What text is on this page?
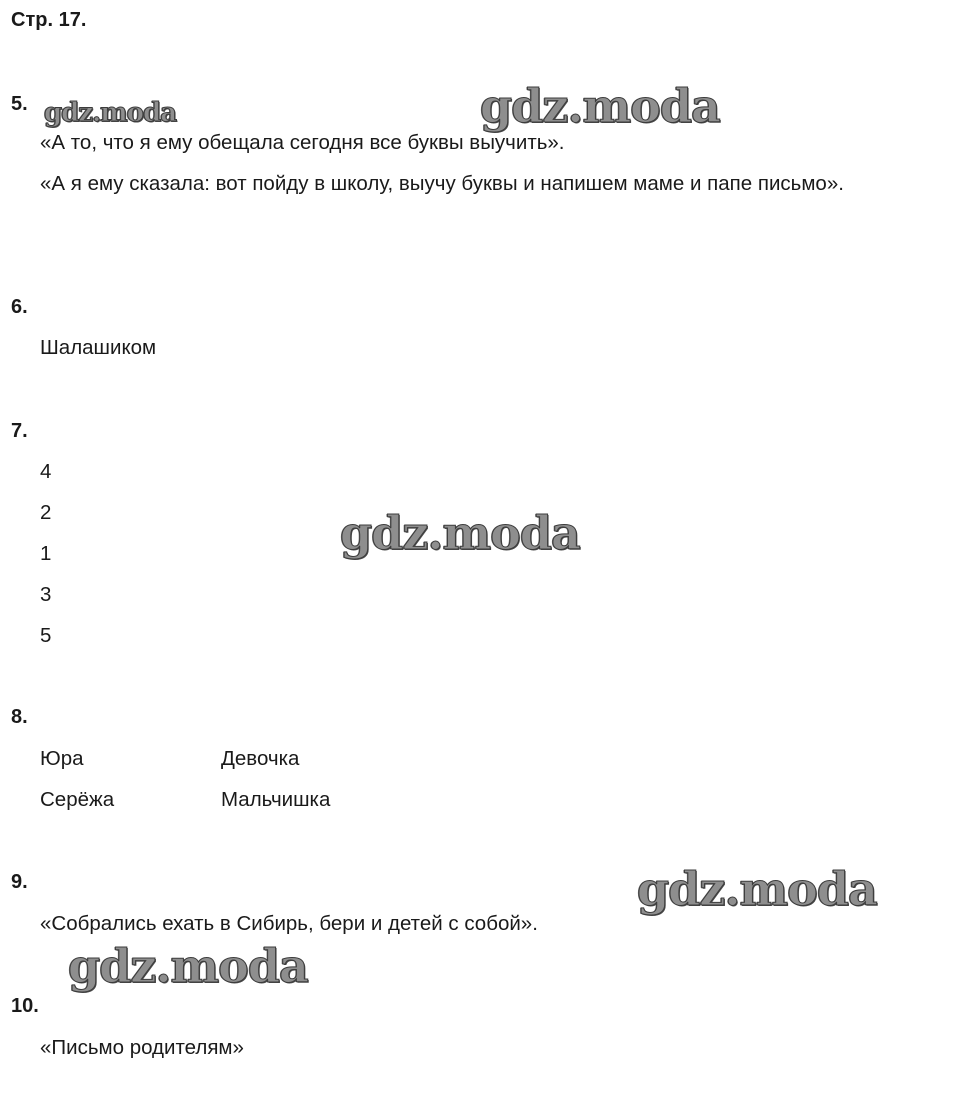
Стр. 17.
gdz.moda	gdz.moda
gdz.moda
gdz.moda
gdz.moda
5.
«А то, что я ему обещала сегодня все буквы выучить».
«А я ему сказала: вот пойду в школу, выучу буквы и напишем маме и папе письмо».
6.
Шалашиком
7.
4
2
1
3
5
8.
Юра	Девочка
Серёжа	Мальчишка
9.
«Собрались ехать в Сибирь, бери и детей с собой».
10.
«Письмо родителям»
